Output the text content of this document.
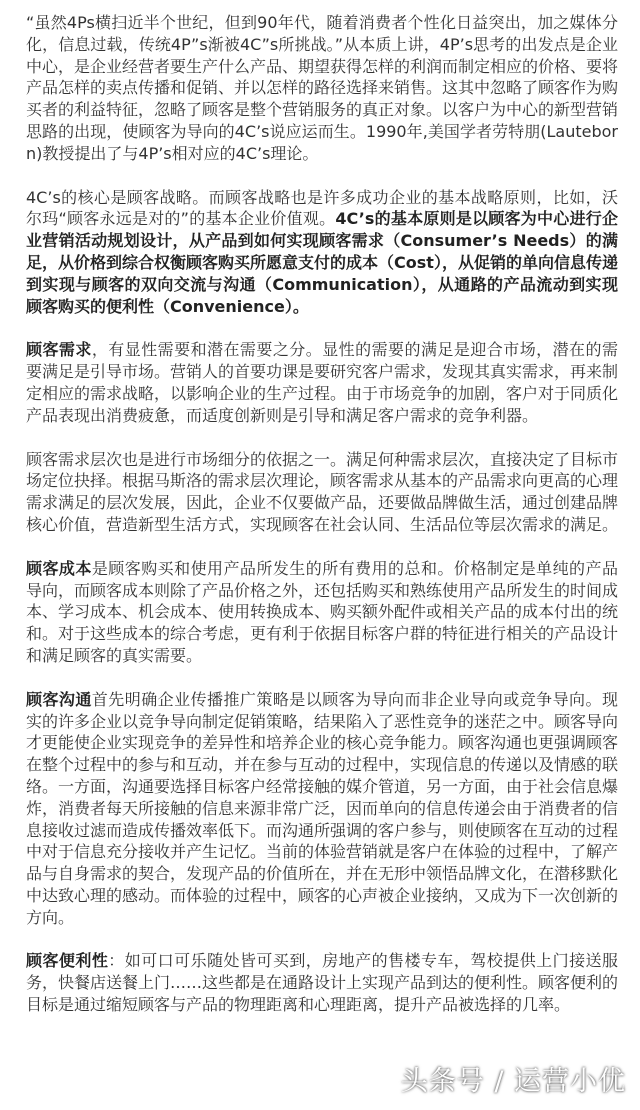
“虽然4Ps横扫近半个世纪，但到90年代，随着消费者个性化日益突出，加之媒体分化，信息过载，传统4P”s渐被4C”s所挑战。”从本质上讲，4P’s思考的出发点是企业中心，是企业经营者要生产什么产品、期望获得怎样的利润而制定相应的价格、要将产品怎样的卖点传播和促销、并以怎样的路径选择来销售。这其中忽略了顾客作为购买者的利益特征，忽略了顾客是整个营销服务的真正对象。以客户为中心的新型营销思路的出现，使顾客为导向的4C’s说应运而生。1990年,美国学者劳特朋(Lauteborn)教授提出了与4P’s相对应的4C’s理论。

4C’s的核心是顾客战略。而顾客战略也是许多成功企业的基本战略原则，比如，沃尔玛“顾客永远是对的”的基本企业价值观。4C’s的基本原则是以顾客为中心进行企业营销活动规划设计，从产品到如何实现顾客需求（Consumer’s Needs）的满足，从价格到综合权衡顾客购买所愿意支付的成本（Cost），从促销的单向信息传递到实现与顾客的双向交流与沟通（Communication），从通路的产品流动到实现顾客购买的便利性（Convenience）。

顾客需求，有显性需要和潜在需要之分。显性的需要的满足是迎合市场，潜在的需要满足是引导市场。营销人的首要功课是要研究客户需求，发现其真实需求，再来制定相应的需求战略，以影响企业的生产过程。由于市场竞争的加剧，客户对于同质化产品表现出消费疲惫，而适度创新则是引导和满足客户需求的竞争利器。

顾客需求层次也是进行市场细分的依据之一。满足何种需求层次，直接决定了目标市场定位抉择。根据马斯洛的需求层次理论，顾客需求从基本的产品需求向更高的心理需求满足的层次发展，因此，企业不仅要做产品，还要做品牌做生活，通过创建品牌核心价值，营造新型生活方式，实现顾客在社会认同、生活品位等层次需求的满足。

顾客成本是顾客购买和使用产品所发生的所有费用的总和。价格制定是单纯的产品导向，而顾客成本则除了产品价格之外，还包括购买和熟练使用产品所发生的时间成本、学习成本、机会成本、使用转换成本、购买额外配件或相关产品的成本付出的统和。对于这些成本的综合考虑，更有利于依据目标客户群的特征进行相关的产品设计和满足顾客的真实需要。

顾客沟通首先明确企业传播推广策略是以顾客为导向而非企业导向或竞争导向。现实的许多企业以竞争导向制定促销策略，结果陷入了恶性竞争的迷茫之中。顾客导向才更能使企业实现竞争的差异性和培养企业的核心竞争能力。顾客沟通也更强调顾客在整个过程中的参与和互动，并在参与互动的过程中，实现信息的传递以及情感的联络。一方面，沟通要选择目标客户经常接触的媒介管道，另一方面，由于社会信息爆炸，消费者每天所接触的信息来源非常广泛，因而单向的信息传递会由于消费者的信息接收过滤而造成传播效率低下。而沟通所强调的客户参与，则使顾客在互动的过程中对于信息充分接收并产生记忆。当前的体验营销就是客户在体验的过程中，了解产品与自身需求的契合，发现产品的价值所在，并在无形中领悟品牌文化，在潜移默化中达致心理的感动。而体验的过程中，顾客的心声被企业接纳，又成为下一次创新的方向。

顾客便利性：如可口可乐随处皆可买到，房地产的售楼专车，驾校提供上门接送服务，快餐店送餐上门……这些都是在通路设计上实现产品到达的便利性。顾客便利的目标是通过缩短顾客与产品的物理距离和心理距离，提升产品被选择的几率。

头条号 / 运营小优
